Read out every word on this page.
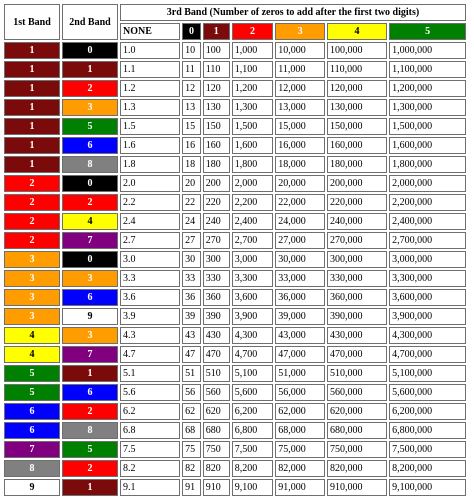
1st Band	2nd Band	3rd Band (Number of zeros to add after the first two digits)						
		NONE	0	1	2	3	4	5
1	0	1.0	10	100	1,000	10,000	100,000	1,000,000
1	1	1.1	11	110	1,100	11,000	110,000	1,100,000
1	2	1.2	12	120	1,200	12,000	120,000	1,200,000
1	3	1.3	13	130	1,300	13,000	130,000	1,300,000
1	5	1.5	15	150	1,500	15,000	150,000	1,500,000
1	6	1.6	16	160	1,600	16,000	160,000	1,600,000
1	8	1.8	18	180	1,800	18,000	180,000	1,800,000
2	0	2.0	20	200	2,000	20,000	200,000	2,000,000
2	2	2.2	22	220	2,200	22,000	220,000	2,200,000
2	4	2.4	24	240	2,400	24,000	240,000	2,400,000
2	7	2.7	27	270	2,700	27,000	270,000	2,700,000
3	0	3.0	30	300	3,000	30,000	300,000	3,000,000
3	3	3.3	33	330	3,300	33,000	330,000	3,300,000
3	6	3.6	36	360	3,600	36,000	360,000	3,600,000
3	9	3.9	39	390	3,900	39,000	390,000	3,900,000
4	3	4.3	43	430	4,300	43,000	430,000	4,300,000
4	7	4.7	47	470	4,700	47,000	470,000	4,700,000
5	1	5.1	51	510	5,100	51,000	510,000	5,100,000
5	6	5.6	56	560	5,600	56,000	560,000	5,600,000
6	2	6.2	62	620	6,200	62,000	620,000	6,200,000
6	8	6.8	68	680	6,800	68,000	680,000	6,800,000
7	5	7.5	75	750	7,500	75,000	750,000	7,500,000
8	2	8.2	82	820	8,200	82,000	820,000	8,200,000
9	1	9.1	91	910	9,100	91,000	910,000	9,100,000
